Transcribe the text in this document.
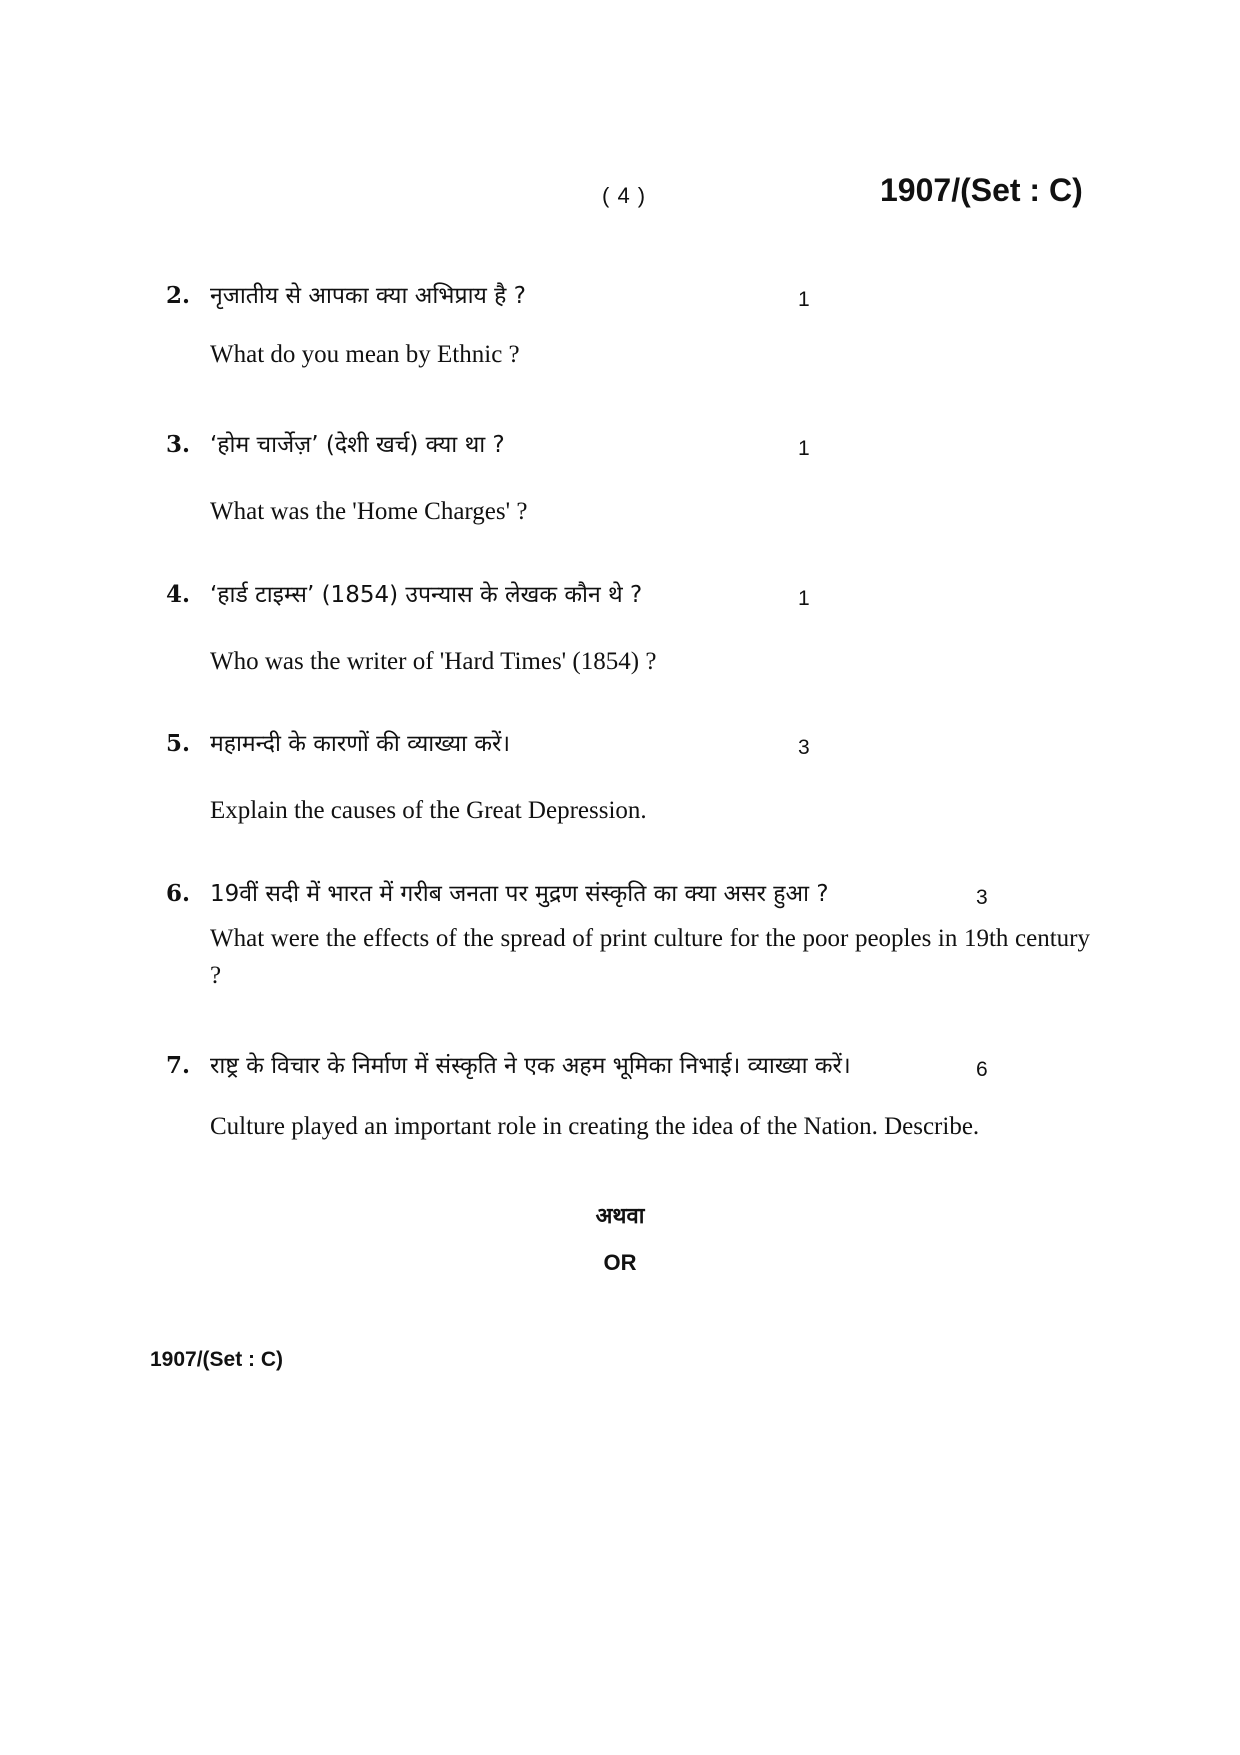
( 4 )	1907/(Set : C)
2. नृजातीय से आपका क्या अभिप्राय है ?	1
What do you mean by Ethnic ?
3. ‘होम चार्जेज़’ (देशी खर्च) क्या था ?	1
What was the 'Home Charges' ?
4. ‘हार्ड टाइम्स’ (1854) उपन्यास के लेखक कौन थे ?	1
Who was the writer of 'Hard Times' (1854) ?
5. महामन्दी के कारणों की व्याख्या करें।	3
Explain the causes of the Great Depression.
6. 19वीं सदी में भारत में गरीब जनता पर मुद्रण संस्कृति का क्या असर हुआ ?	3
What were the effects of the spread of print culture for the poor peoples in 19th century ?
7. राष्ट्र के विचार के निर्माण में संस्कृति ने एक अहम भूमिका निभाई। व्याख्या करें।	6
Culture played an important role in creating the idea of the Nation. Describe.
अथवा
OR
1907/(Set : C)
